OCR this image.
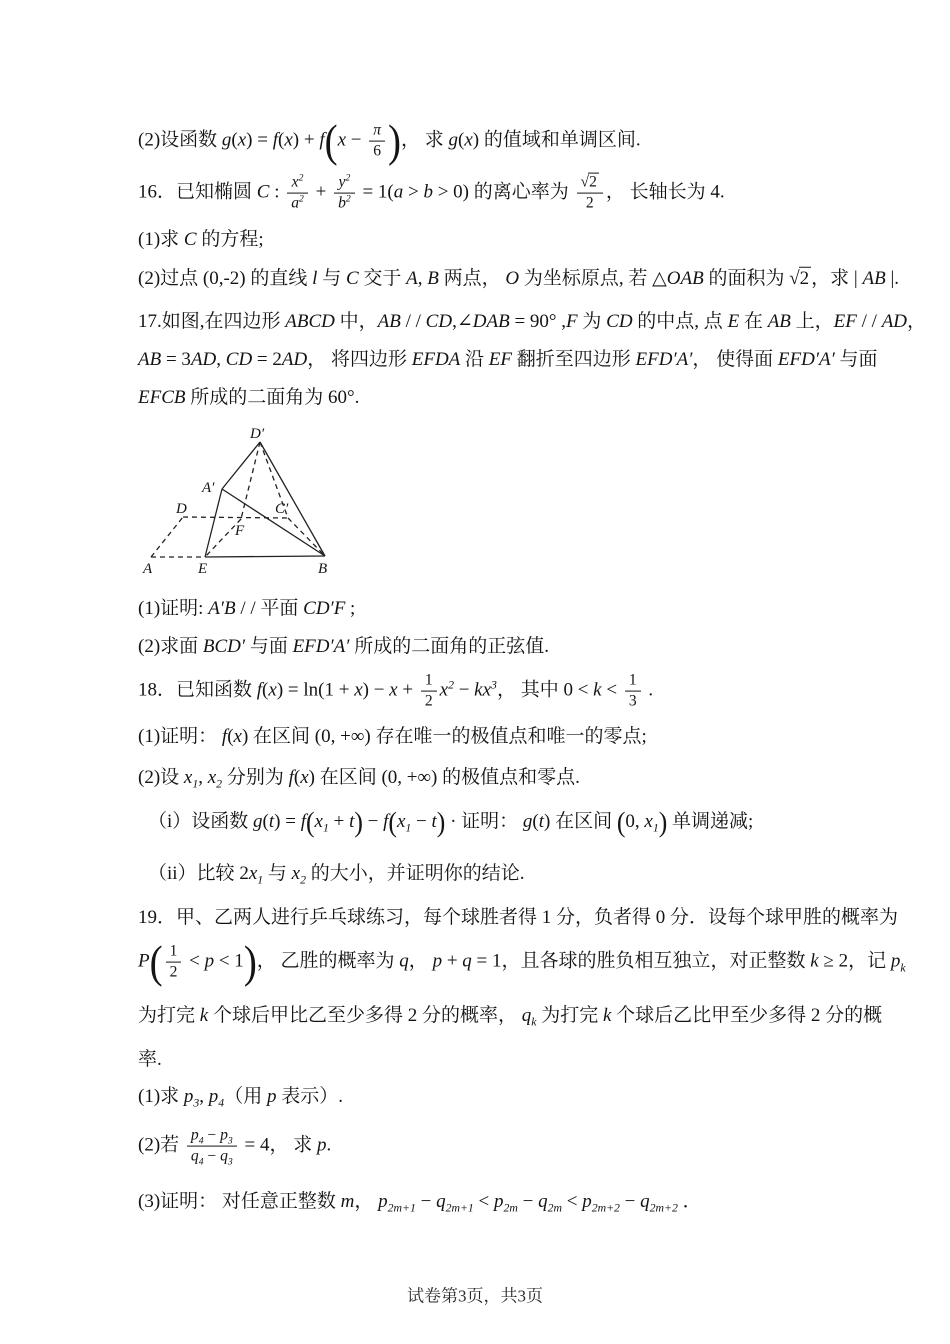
(2)设函数 $g(x) = f(x) + f(x - \frac{\pi}{6}$ )， 求 g(x) 的值域和单调区间.
16．已知椭圆 C : $\frac{x^2}{a^2} + \frac{y^2}{b^2} = 1(a > b > 0)$ 的离心率为 $\frac{√2}{2}$ ， 长轴长为 4.
(1)求 C 的方程;
(2)过点 (0,-2) 的直线 l 与 C 交于 A, B 两点， O 为坐标原点, 若 △OAB 的面积为 √2 ，求 | AB |.
17.如图,在四边形 ABCD 中，AB / / CD,∠DAB = 90° ,F 为 CD 的中点, 点 E 在 AB 上，EF / / AD，
AB = 3AD, CD = 2AD， 将四边形 EFDA 沿 EF 翻折至四边形 EFD′A′， 使得面 EFD′A′ 与面
EFCB 所成的二面角为 60°.
(1)证明: A′B / / 平面 CD′F ;
(2)求面 BCD′ 与面 EFD′A′ 所成的二面角的正弦值.
18．已知函数 $f(x) = \ln(1 + x) - x + \frac{1}{2} x^2 - kx^3$， 其中 $0 < k < \frac{1}{3}$ .
(1)证明： f(x) 在区间 (0, +∞) 存在唯一的极值点和唯一的零点;
(2)设 $x_1$, $x_2$ 分别为 f(x) 在区间 (0, +∞) 的极值点和零点.
（i）设函数 $g(t) = f(x_1 + t) - f(x_1 - t)$ · 证明： g(t) 在区间 (0, $x_1$) 单调递减;
（ii）比较 $2x_1$ 与 $x_2$ 的大小，并证明你的结论.
19．甲、乙两人进行乒乓球练习，每个球胜者得 1 分，负者得 0 分．设每个球甲胜的概率为
$P( \frac{1}{2} < p < 1)$， 乙胜的概率为 q， p + q = 1，且各球的胜负相互独立，对正整数 k ≥ 2，记 $p_k$
为打完 k 个球后甲比乙至少多得 2 分的概率， $q_k$ 为打完 k 个球后乙比甲至少多得 2 分的概
率.
(1)求 $p_3$, $p_4$（用 p 表示）.
(2)若 $\frac{p_4 - p_3}{q_4 - q_3} = 4$， 求 p.
(3)证明： 对任意正整数 m， $p_{2m+1} - q_{2m+1} < p_{2m} - q_{2m} < p_{2m+2} - q_{2m+2}$ ．
D′
A′
D	C′
F
A	E	B
试卷第3页，共3页
